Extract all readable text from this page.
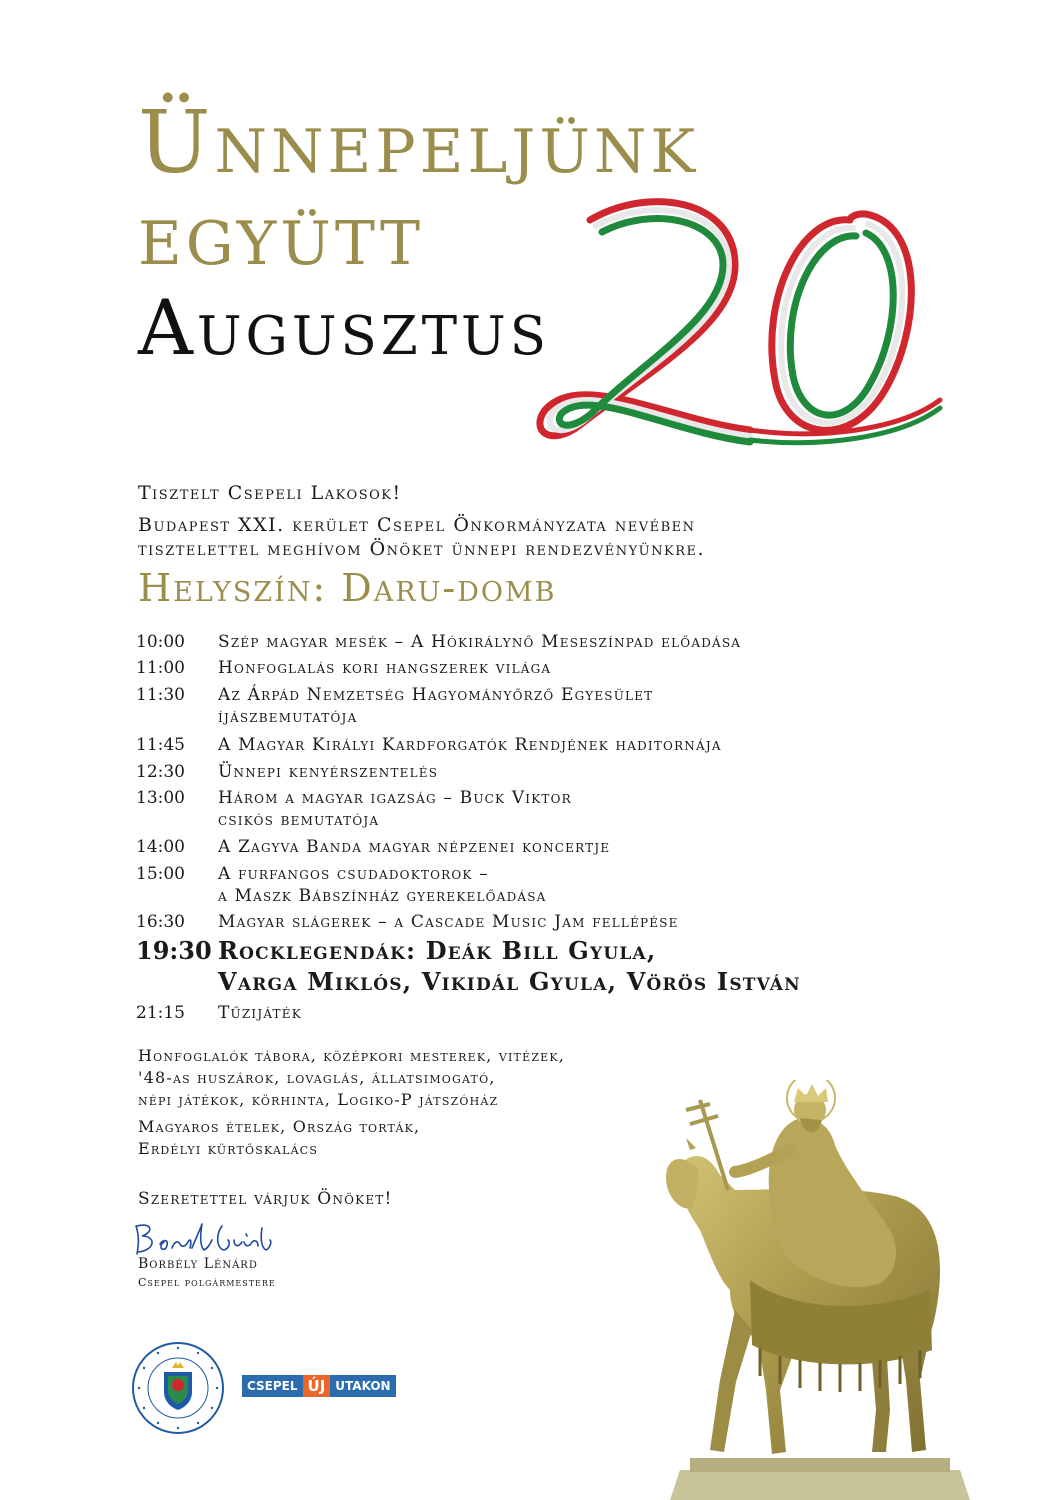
Ünnepeljünk
együtt
Augusztus
Tisztelt Csepeli Lakosok!
Budapest XXI. kerület Csepel Önkormányzata nevében
tisztelettel meghívom Önöket ünnepi rendezvényünkre.
Helyszín: Daru-domb
10:00	Szép magyar mesék – A Hókirálynő Meseszínpad előadása
11:00	Honfoglalás kori hangszerek világa
11:30	Az Árpád Nemzetség Hagyományőrző Egyesület
íjászbemutatója
11:45	A Magyar Királyi Kardforgatók Rendjének haditornája
12:30	Ünnepi kenyérszentelés
13:00	Három a magyar igazság – Buck Viktor
csikós bemutatója
14:00	A Zagyva Banda magyar népzenei koncertje
15:00	A furfangos csudadoktorok –
a Maszk Bábszínház gyerekelőadása
16:30	Magyar slágerek – a Cascade Music Jam fellépése
19:30 Rocklegendák: Deák Bill Gyula,
Varga Miklós, Vikidál Gyula, Vörös István
21:15	Tűzijáték
Honfoglalók tábora, középkori mesterek, vitézek,
'48-as huszárok, lovaglás, állatsimogató,
népi játékok, körhinta, Logiko-P játszóház
Magyaros ételek, Ország torták,
Erdélyi kürtőskalács
Szeretettel várjuk Önöket!
Borbély Lénárd
Csepel polgármestere
CSEPEL ÚJ UTAKON
